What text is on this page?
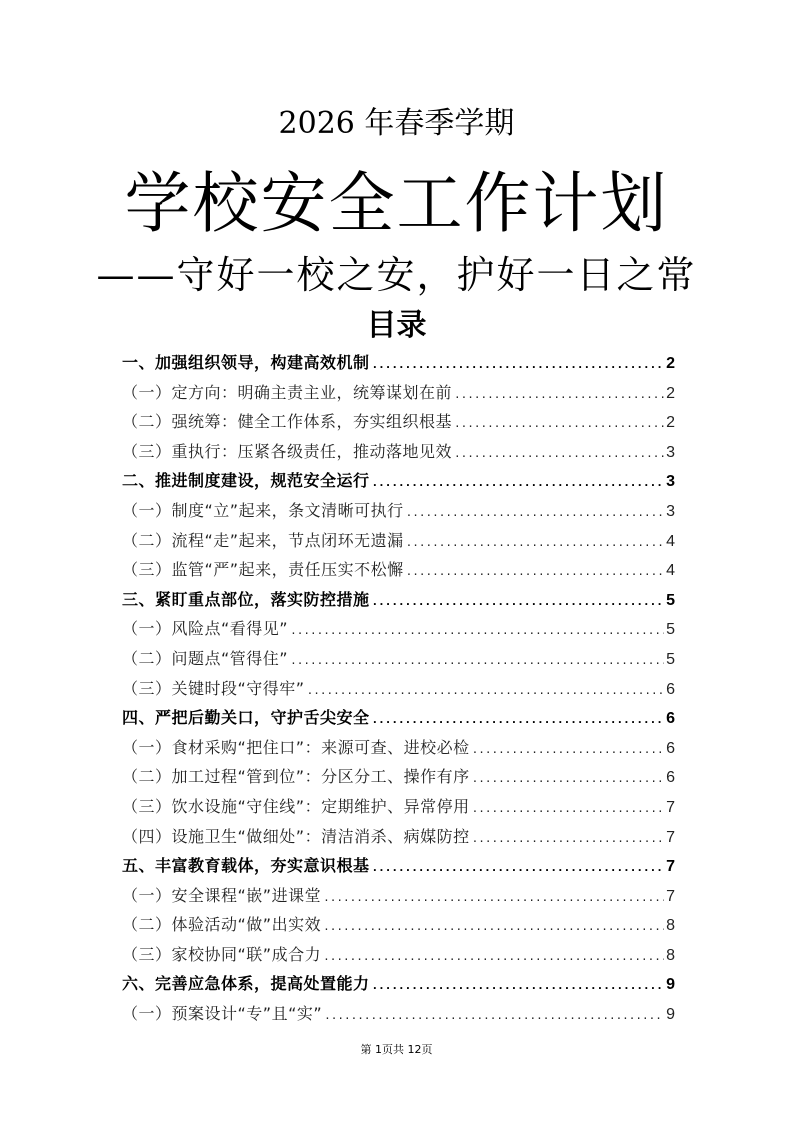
2026 年春季学期
学校安全工作计划
——守好一校之安，护好一日之常
目录
一、加强组织领导，构建高效机制 .....	2
（一）定方向：明确主责主业，统筹谋划在前 .....	2
（二）强统筹：健全工作体系，夯实组织根基 .....	2
（三）重执行：压紧各级责任，推动落地见效 .....	3
二、推进制度建设，规范安全运行 .....	3
（一）制度“立”起来，条文清晰可执行 .....	3
（二）流程“走”起来，节点闭环无遗漏 .....	4
（三）监管“严”起来，责任压实不松懈 .....	4
三、紧盯重点部位，落实防控措施 .....	5
（一）风险点“看得见” .....	5
（二）问题点“管得住” .....	5
（三）关键时段“守得牢” .....	6
四、严把后勤关口，守护舌尖安全 .....	6
（一）食材采购“把住口”：来源可查、进校必检 .....	6
（二）加工过程“管到位”：分区分工、操作有序 .....	6
（三）饮水设施“守住线”：定期维护、异常停用 .....	7
（四）设施卫生“做细处”：清洁消杀、病媒防控 .....	7
五、丰富教育载体，夯实意识根基 .....	7
（一）安全课程“嵌”进课堂 .....	7
（二）体验活动“做”出实效 .....	8
（三）家校协同“联”成合力 .....	8
六、完善应急体系，提高处置能力 .....	9
（一）预案设计“专”且“实” .....	9
第 1页共 12页
